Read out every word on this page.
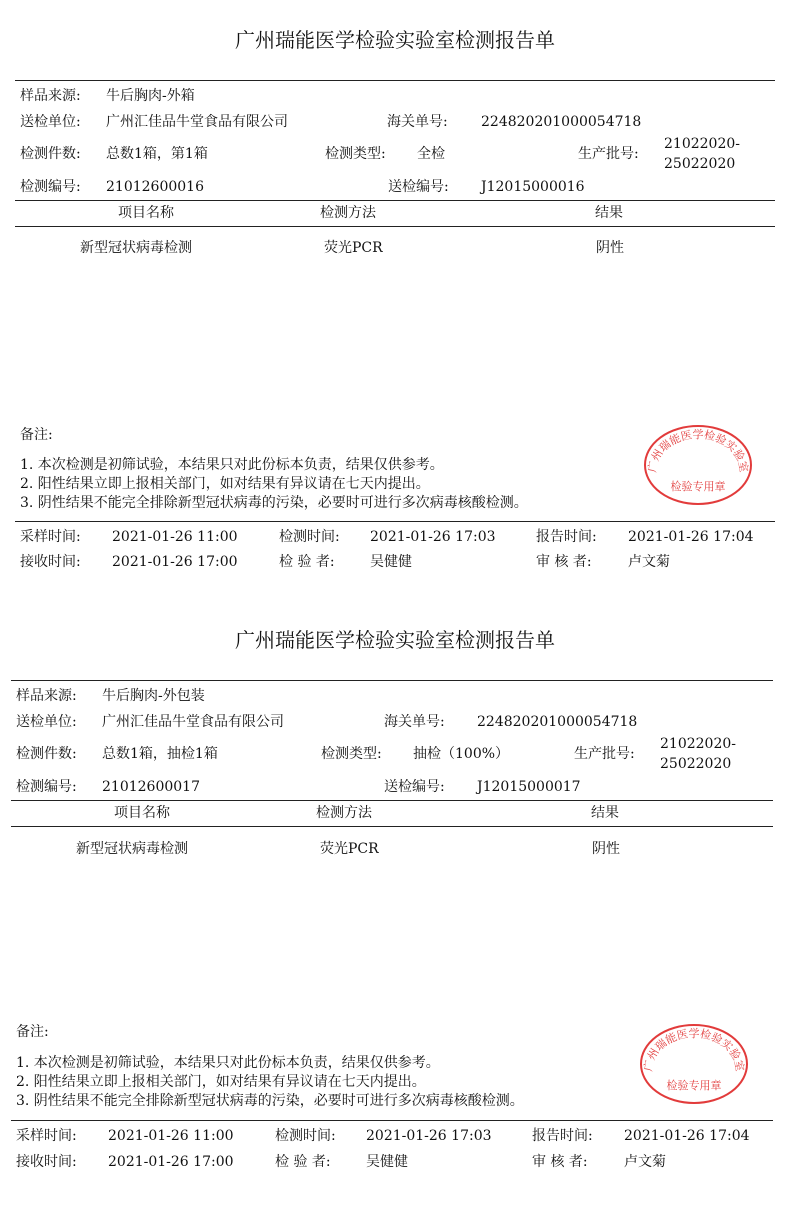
广州瑞能医学检验实验室检测报告单
样品来源: 牛后胸肉-外箱
送检单位: 广州汇佳品牛堂食品有限公司	海关单号: 224820201000054718
检测件数: 总数1箱，第1箱	检测类型: 全检	生产批号:
21022020-
25022020
检测编号: 21012600016	送检编号: J12015000016
项目名称	检测方法	结果
新型冠状病毒检测	荧光PCR	阴性
备注:
1. 本次检测是初筛试验，本结果只对此份标本负责，结果仅供参考。
2. 阳性结果立即上报相关部门，如对结果有异议请在七天内提出。
3. 阴性结果不能完全排除新型冠状病毒的污染，必要时可进行多次病毒核酸检测。
广州瑞能医学检验实验室
检验专用章
采样时间: 2021-01-26 11:00	检测时间: 2021-01-26 17:03	报告时间: 2021-01-26 17:04
接收时间: 2021-01-26 17:00	检 验 者:	吴健健	审 核 者:	卢文菊
广州瑞能医学检验实验室检测报告单
样品来源: 牛后胸肉-外包装
送检单位: 广州汇佳品牛堂食品有限公司	海关单号: 224820201000054718
检测件数: 总数1箱，抽检1箱	检测类型: 抽检（100%）	生产批号:
21022020-
25022020
检测编号: 21012600017	送检编号: J12015000017
项目名称	检测方法	结果
新型冠状病毒检测	荧光PCR	阴性
备注:
1. 本次检测是初筛试验，本结果只对此份标本负责，结果仅供参考。
2. 阳性结果立即上报相关部门，如对结果有异议请在七天内提出。
3. 阴性结果不能完全排除新型冠状病毒的污染，必要时可进行多次病毒核酸检测。
广州瑞能医学检验实验室
检验专用章
采样时间: 2021-01-26 11:00	检测时间: 2021-01-26 17:03	报告时间: 2021-01-26 17:04
接收时间: 2021-01-26 17:00	检 验 者:	吴健健	审 核 者:	卢文菊
